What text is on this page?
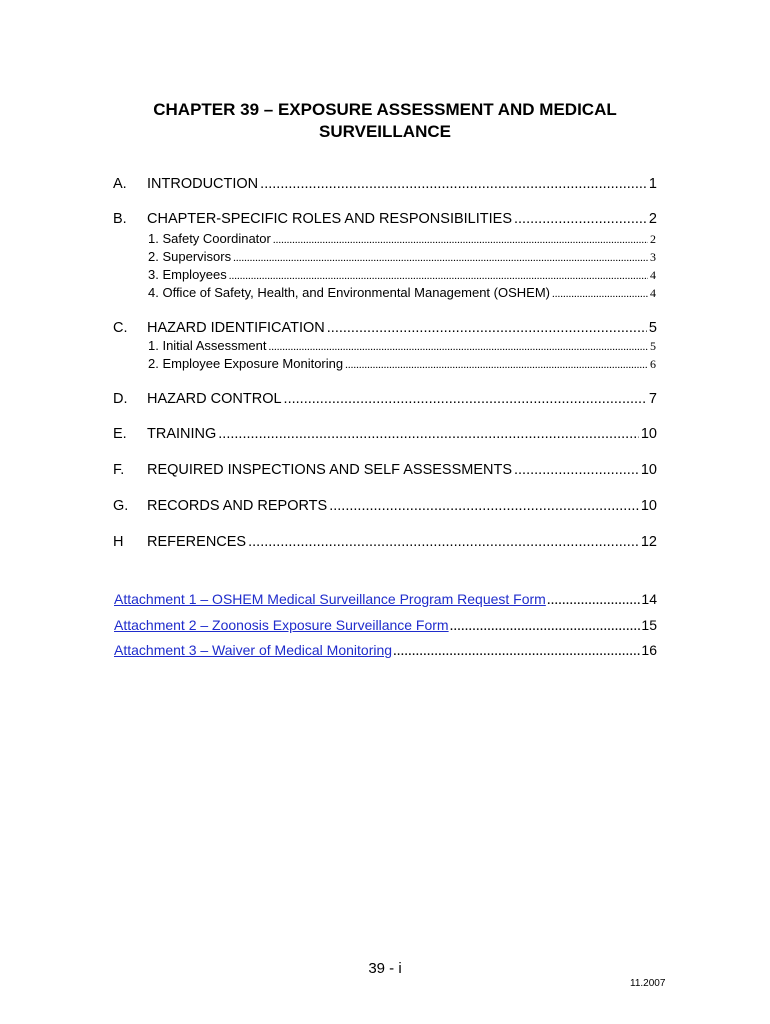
CHAPTER 39 – EXPOSURE ASSESSMENT AND MEDICAL
SURVEILLANCE
A. INTRODUCTION .....	1
B. CHAPTER-SPECIFIC ROLES AND RESPONSIBILITIES .....	2
1. Safety Coordinator .....	2
2. Supervisors .....	3
3. Employees .....	4
4. Office of Safety, Health, and Environmental Management (OSHEM) .....	4
C. HAZARD IDENTIFICATION .....	5
1. Initial Assessment .....	5
2. Employee Exposure Monitoring .....	6
D. HAZARD CONTROL .....	7
E. TRAINING .....	10
F. REQUIRED INSPECTIONS AND SELF ASSESSMENTS .....	10
G. RECORDS AND REPORTS .....	10
H REFERENCES .....	12
Attachment 1 – OSHEM Medical Surveillance Program Request Form .....	14
Attachment 2 – Zoonosis Exposure Surveillance Form .....	15
Attachment 3 – Waiver of Medical Monitoring .....	16
39 - i
11.2007
